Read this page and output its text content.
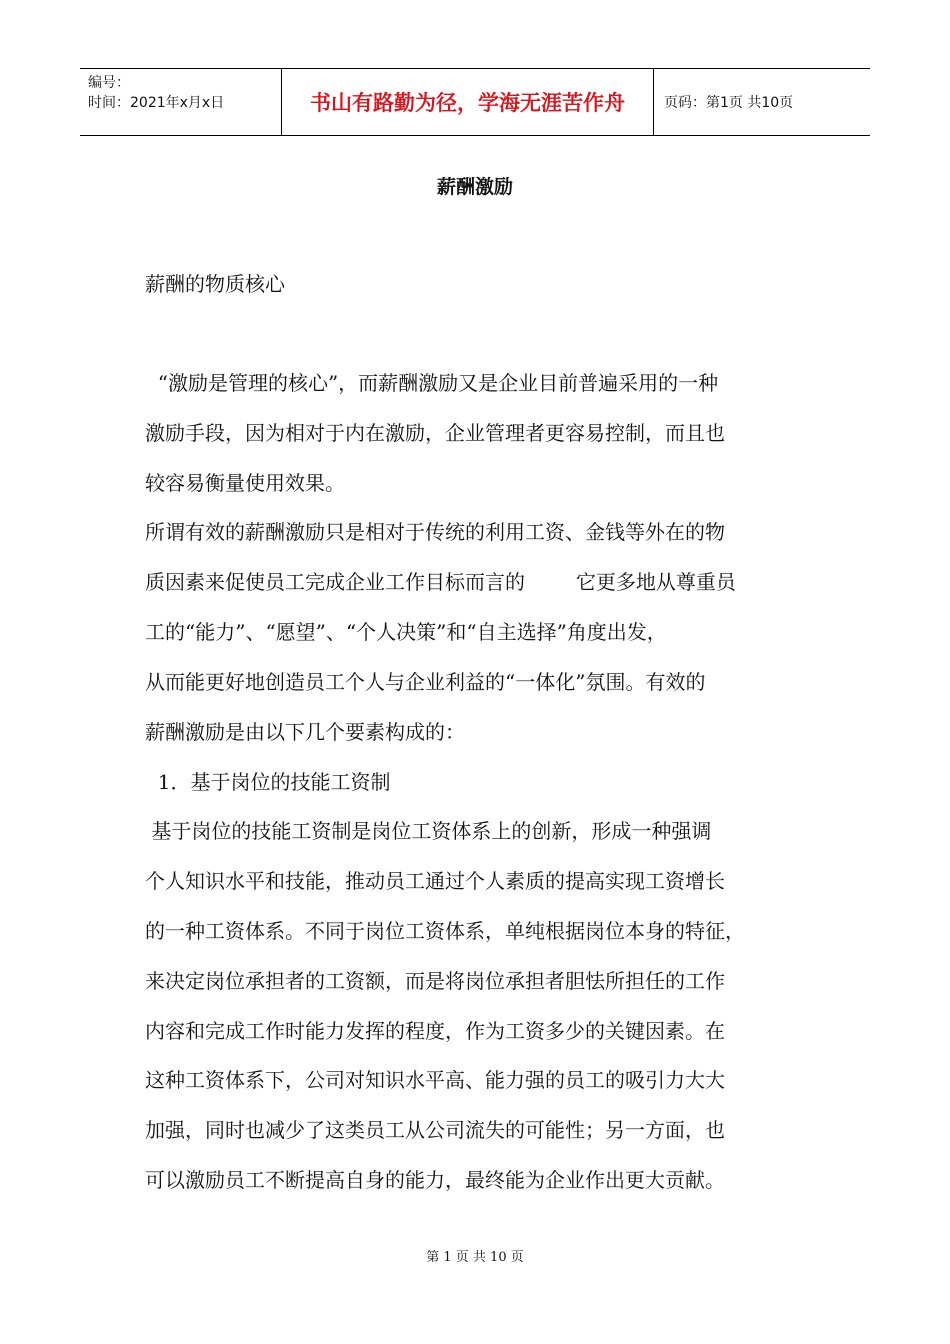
编号：
时间：2021年x月x日	书山有路勤为径，学海无涯苦作舟	页码：第1页 共10页
薪酬激励
薪酬的物质核心
“激励是管理的核心”，而薪酬激励又是企业目前普遍采用的一种
激励手段，因为相对于内在激励，企业管理者更容易控制，而且也
较容易衡量使用效果。
所谓有效的薪酬激励只是相对于传统的利用工资、金钱等外在的物
质因素来促使员工完成企业工作目标而言的        它更多地从尊重员
工的“能力”、“愿望”、“个人决策”和“自主选择”角度出发，
从而能更好地创造员工个人与企业利益的“一体化”氛围。有效的
薪酬激励是由以下几个要素构成的：
1．基于岗位的技能工资制
基于岗位的技能工资制是岗位工资体系上的创新，形成一种强调
个人知识水平和技能，推动员工通过个人素质的提高实现工资增长
的一种工资体系。不同于岗位工资体系，单纯根据岗位本身的特征，
来决定岗位承担者的工资额，而是将岗位承担者胆怯所担任的工作
内容和完成工作时能力发挥的程度，作为工资多少的关键因素。在
这种工资体系下，公司对知识水平高、能力强的员工的吸引力大大
加强，同时也减少了这类员工从公司流失的可能性；另一方面，也
可以激励员工不断提高自身的能力，最终能为企业作出更大贡献。
第 1 页 共 10 页
